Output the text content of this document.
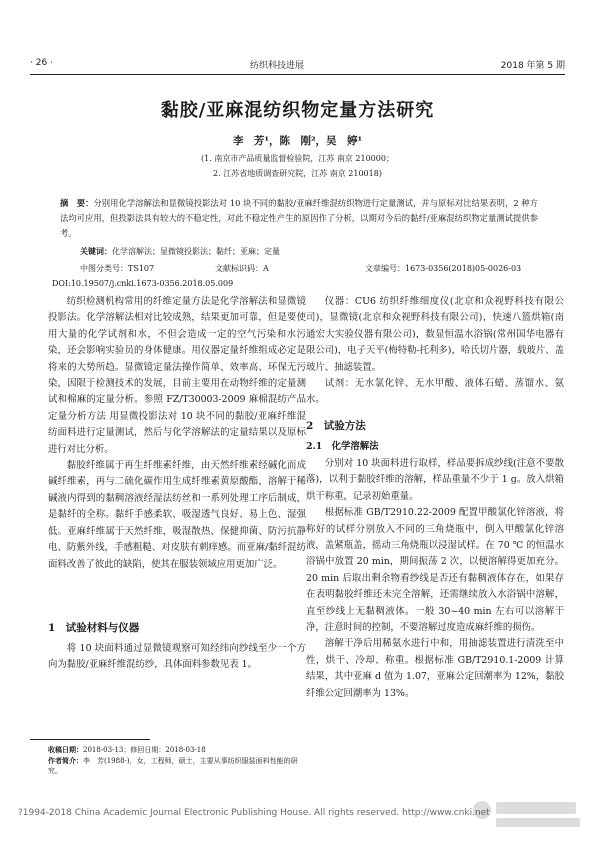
· 26 ·	纺织科技进展	2018 年第 5 期
黏胶/亚麻混纺织物定量方法研究
李　芳¹，陈　刚²，吴　婷¹
(1. 南京市产品质量监督检验院，江苏 南京 210000；
2. 江苏省地质调查研究院，江苏 南京 210018)
摘　要：分别用化学溶解法和显微镜投影法对 10 块不同的黏胶/亚麻纤维混纺织物进行定量测试，并与原标对比结果表明，2 种方法均可应用，但投影法具有较大的不稳定性，对此不稳定性产生的原因作了分析，以期对今后的黏纤/亚麻混纺织物定量测试提供参考。
关键词：化学溶解法；显微镜投影法；黏纤；亚麻；定量
中图分类号：TS107	文献标识码：A	文章编号：1673-0356(2018)05-0026-03
DOI:10.19507/j.cnki.1673-0356.2018.05.009

纺织检测机构常用的纤维定量方法是化学溶解法和显微镜投影法。化学溶解法相对比较成熟，结果更加可靠，但是要使用大量的化学试剂和水，不但会造成一定的空气污染和水污染，还会影响实验员的身体健康。用仪器定量纤维组成必定是将来的大势所趋。显微镜定量法操作简单、效率高、环保无污染，因限于检测技术的发展，目前主要用在动物纤维的定量测试和棉麻的定量分析。参照 FZ/T30003-2009 麻棉混纺产品定量分析方法 用显微投影法对 10 块不同的黏胶/亚麻纤维混纺面料进行定量测试，然后与化学溶解法的定量结果以及原标进行对比分析。

黏胶纤维属于再生纤维素纤维，由天然纤维素经碱化而成碱纤维素，再与二硫化碳作用生成纤维素黄原酸酯，溶解于稀碱液内得到的黏稠溶液经湿法纺丝和一系列处理工序后制成，是黏纤的全称。黏纤手感柔软、吸湿透气良好、易上色、湿强低。亚麻纤维属于天然纤维，吸湿散热、保健抑菌、防污抗静电、防紫外线，手感粗糙、对皮肤有刺痒感。而亚麻/黏纤混纺面料改善了彼此的缺陷，使其在服装领域应用更加广泛。

1　试验材料与仪器

将 10 块面料通过显微镜观察可知经纬向纱线至少一个方向为黏胶/亚麻纤维混纺纱，具体面料参数见表 1。

仪器：CU6 纺织纤维细度仪(北京和众视野科技有限公司)，显微镜(北京和众视野科技有限公司)，快速八篮烘箱(南通宏大实验仪器有限公司)，数显恒温水浴锅(常州国华电器有限公司)，电子天平(梅特勒-托利多)，哈氏切片器，载玻片、盖玻片、抽滤装置。

试剂：无水氯化锌、无水甲酸、液体石蜡、蒸馏水、氨水。

2　试验方法
2.1　化学溶解法

分别对 10 块面料进行取样，样品要拆成纱线(注意不要散落)，以利于黏胶纤维的溶解，样品重量不少于 1 g。放入烘箱烘干称重，记录初始重量。

根据标准 GB/T2910.22-2009 配置甲酸氯化锌溶液，将称好的试样分别放入不同的三角烧瓶中，倒入甲酸氯化锌溶液，盖紧瓶盖，摇动三角烧瓶以浸湿试样。在 70 ℃ 的恒温水浴锅中放置 20 min，期间振荡 2 次，以便溶解得更加充分。20 min 后取出剩余物看纱线是否还有黏稠液体存在，如果存在表明黏胶纤维还未完全溶解，还需继续放入水浴锅中溶解，直至纱线上无黏稠液体。一般 30~40 min 左右可以溶解干净，注意时间的控制，不要溶解过度造成麻纤维的损伤。

溶解干净后用稀氨水进行中和，用抽滤装置进行清洗至中性，烘干、冷却、称重。根据标准 GB/T2910.1-2009 计算结果，其中亚麻 d 值为 1.07，亚麻公定回潮率为 12%，黏胶纤维公定回潮率为 13%。

收稿日期：2018-03-13；修回日期：2018-03-18
作者简介：李　芳(1988-)，女，工程师，硕士，主要从事纺织服装面料性能的研究。
?1994-2018 China Academic Journal Electronic Publishing House. All rights reserved. http://www.cnki.net
